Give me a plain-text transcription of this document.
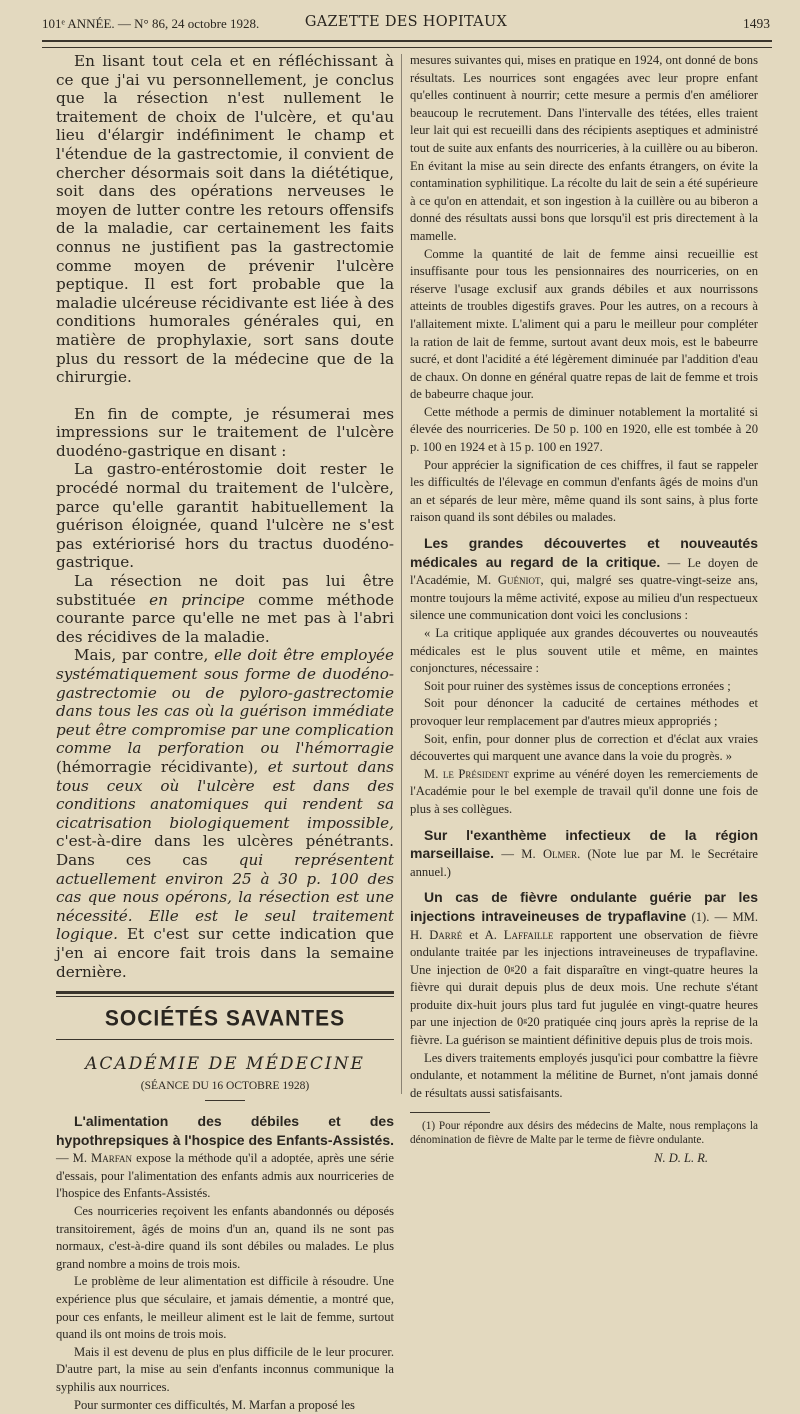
101ᵉ ANNÉE. — N° 86, 24 octobre 1928.	GAZETTE DES HOPITAUX	1493

En lisant tout cela et en réfléchissant à ce que j'ai vu personnellement, je conclus que la résection n'est nullement le traitement de choix de l'ulcère, et qu'au lieu d'élargir indéfiniment le champ et l'étendue de la gastrectomie, il convient de chercher désormais soit dans la diététique, soit dans des opérations nerveuses le moyen de lutter contre les retours offensifs de la maladie, car certainement les faits connus ne justifient pas la gastrectomie comme moyen de prévenir l'ulcère peptique. Il est fort probable que la maladie ulcéreuse récidivante est liée à des conditions humorales générales qui, en matière de prophylaxie, sort sans doute plus du ressort de la médecine que de la chirurgie.

En fin de compte, je résumerai mes impressions sur le traitement de l'ulcère duodéno-gastrique en disant :

La gastro-entérostomie doit rester le procédé normal du traitement de l'ulcère, parce qu'elle garantit habituellement la guérison éloignée, quand l'ulcère ne s'est pas extériorisé hors du tractus duodéno-gastrique.

La résection ne doit pas lui être substituée en principe comme méthode courante parce qu'elle ne met pas à l'abri des récidives de la maladie.

Mais, par contre, elle doit être employée systématiquement sous forme de duodéno-gastrectomie ou de pyloro-gastrectomie dans tous les cas où la guérison immédiate peut être compromise par une complication comme la perforation ou l'hémorragie (hémorragie récidivante), et surtout dans tous ceux où l'ulcère est dans des conditions anatomiques qui rendent sa cicatrisation biologiquement impossible, c'est-à-dire dans les ulcères pénétrants. Dans ces cas qui représentent actuellement environ 25 à 30 p. 100 des cas que nous opérons, la résection est une nécessité. Elle est le seul traitement logique. Et c'est sur cette indication que j'en ai encore fait trois dans la semaine dernière.

SOCIÉTÉS SAVANTES
ACADÉMIE DE MÉDECINE
(SÉANCE DU 16 OCTOBRE 1928)

L'alimentation des débiles et des hypothrepsiques à l'hospice des Enfants-Assistés. — M. Marfan expose la méthode qu'il a adoptée, après une série d'essais, pour l'alimentation des enfants admis aux nourriceries de l'hospice des Enfants-Assistés.

Ces nourriceries reçoivent les enfants abandonnés ou déposés transitoirement, âgés de moins d'un an, quand ils ne sont pas normaux, c'est-à-dire quand ils sont débiles ou malades. Le plus grand nombre a moins de trois mois.

Le problème de leur alimentation est difficile à résoudre. Une expérience plus que séculaire, et jamais démentie, a montré que, pour ces enfants, le meilleur aliment est le lait de femme, surtout quand ils ont moins de trois mois.

Mais il est devenu de plus en plus difficile de le leur procurer. D'autre part, la mise au sein d'enfants inconnus communique la syphilis aux nourrices.

Pour surmonter ces difficultés, M. Marfan a proposé les

mesures suivantes qui, mises en pratique en 1924, ont donné de bons résultats. Les nourrices sont engagées avec leur propre enfant qu'elles continuent à nourrir; cette mesure a permis d'en améliorer beaucoup le recrutement. Dans l'intervalle des tétées, elles traient leur lait qui est recueilli dans des récipients aseptiques et administré tout de suite aux enfants des nourriceries, à la cuillère ou au biberon. En évitant la mise au sein directe des enfants étrangers, on évite la contamination syphilitique. La récolte du lait de sein a été supérieure à ce qu'on en attendait, et son ingestion à la cuillère ou au biberon a donné des résultats aussi bons que lorsqu'il est pris directement à la mamelle.

Comme la quantité de lait de femme ainsi recueillie est insuffisante pour tous les pensionnaires des nourriceries, on en réserve l'usage exclusif aux grands débiles et aux nourrissons atteints de troubles digestifs graves. Pour les autres, on a recours à l'allaitement mixte. L'aliment qui a paru le meilleur pour compléter la ration de lait de femme, surtout avant deux mois, est le babeurre sucré, et dont l'acidité a été légèrement diminuée par l'addition d'eau de chaux. On donne en général quatre repas de lait de femme et trois de babeurre chaque jour.

Cette méthode a permis de diminuer notablement la mortalité si élevée des nourriceries. De 50 p. 100 en 1920, elle est tombée à 20 p. 100 en 1924 et à 15 p. 100 en 1927.

Pour apprécier la signification de ces chiffres, il faut se rappeler les difficultés de l'élevage en commun d'enfants âgés de moins d'un an et séparés de leur mère, même quand ils sont sains, à plus forte raison quand ils sont débiles ou malades.

Les grandes découvertes et nouveautés médicales au regard de la critique. — Le doyen de l'Académie, M. Guéniot, qui, malgré ses quatre-vingt-seize ans, montre toujours la même activité, expose au milieu d'un respectueux silence une communication dont voici les conclusions :

« La critique appliquée aux grandes découvertes ou nouveautés médicales est le plus souvent utile et même, en maintes conjonctures, nécessaire :

Soit pour ruiner des systèmes issus de conceptions erronées ;

Soit pour dénoncer la caducité de certaines méthodes et provoquer leur remplacement par d'autres mieux appropriés ;

Soit, enfin, pour donner plus de correction et d'éclat aux vraies découvertes qui marquent une avance dans la voie du progrès. »

M. le Président exprime au vénéré doyen les remerciements de l'Académie pour le bel exemple de travail qu'il donne une fois de plus à ses collègues.

Sur l'exanthème infectieux de la région marseillaise. — M. Olmer. (Note lue par M. le Secrétaire annuel.)

Un cas de fièvre ondulante guérie par les injections intraveineuses de trypaflavine (1). — MM. H. Darré et A. Laffaille rapportent une observation de fièvre ondulante traitée par les injections intraveineuses de trypaflavine. Une injection de 0ᵍ20 a fait disparaître en vingt-quatre heures la fièvre qui durait depuis plus de deux mois. Une rechute s'étant produite dix-huit jours plus tard fut jugulée en vingt-quatre heures par une injection de 0ᵍ20 pratiquée cinq jours après la reprise de la fièvre. La guérison se maintient définitive depuis plus de trois mois.

Les divers traitements employés jusqu'ici pour combattre la fièvre ondulante, et notamment la mélitine de Burnet, n'ont jamais donné de résultats aussi satisfaisants.

(1) Pour répondre aux désirs des médecins de Malte, nous remplaçons la dénomination de fièvre de Malte par le terme de fièvre ondulante.

N. D. L. R.
